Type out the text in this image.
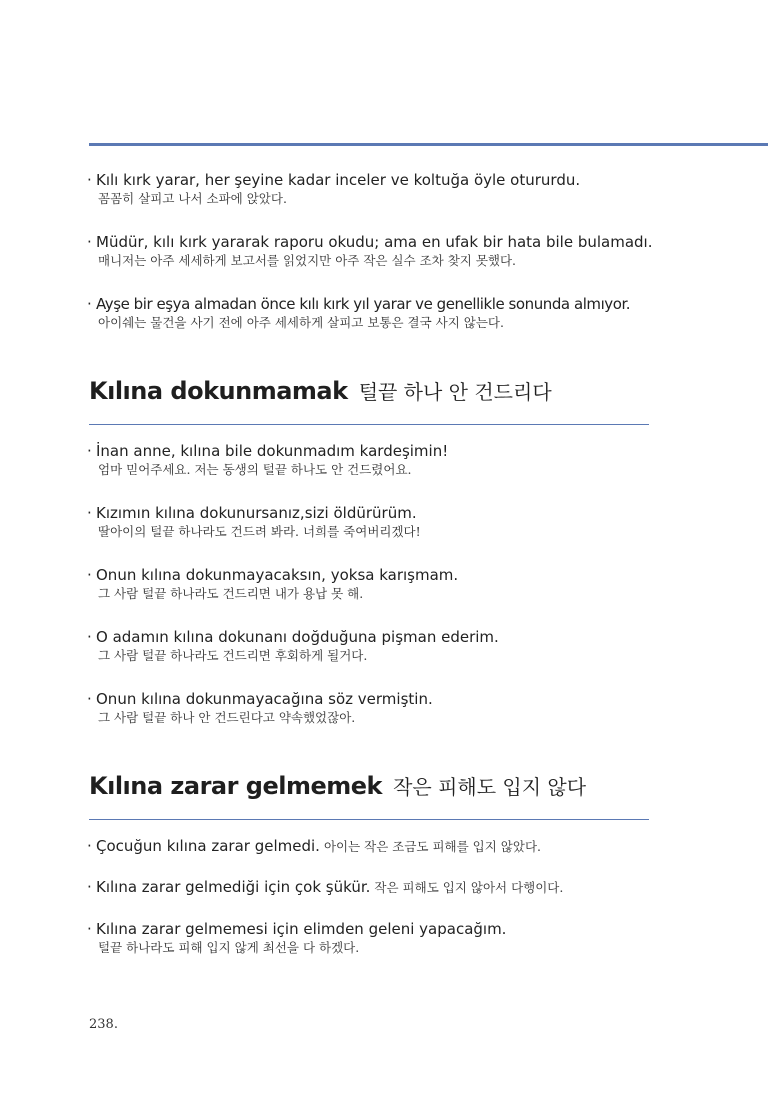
· Kılı kırk yarar, her şeyine kadar inceler ve koltuğa öyle otururdu.
꼼꼼히 살피고 나서 소파에 앉았다.
· Müdür, kılı kırk yararak raporu okudu; ama en ufak bir hata bile bulamadı.
매니저는 아주 세세하게 보고서를 읽었지만 아주 작은 실수 조차 찾지 못했다.
· Ayşe bir eşya almadan önce kılı kırk yıl yarar ve genellikle sonunda almıyor.
아이쉐는 물건을 사기 전에 아주 세세하게 살피고 보통은 결국 사지 않는다.
Kılına dokunmamak 털끝 하나 안 건드리다
· İnan anne, kılına bile dokunmadım kardeşimin!
엄마 믿어주세요. 저는 동생의 털끝 하나도 안 건드렸어요.
· Kızımın kılına dokunursanız,sizi öldürürüm.
딸아이의 털끝 하나라도 건드려 봐라. 너희를 죽여버리겠다!
· Onun kılına dokunmayacaksın, yoksa karışmam.
그 사람 털끝 하나라도 건드리면 내가 용납 못 해.
· O adamın kılına dokunanı doğduğuna pişman ederim.
그 사람 털끝 하나라도 건드리면 후회하게 될거다.
· Onun kılına dokunmayacağına söz vermiştin.
그 사람 털끝 하나 안 건드린다고 약속했었잖아.
Kılına zarar gelmemek 작은 피해도 입지 않다
· Çocuğun kılına zarar gelmedi. 아이는 작은 조금도 피해를 입지 않았다.
· Kılına zarar gelmediği için çok şükür. 작은 피해도 입지 않아서 다행이다.
· Kılına zarar gelmemesi için elimden geleni yapacağım.
털끝 하나라도 피해 입지 않게 최선을 다 하겠다.
238.
